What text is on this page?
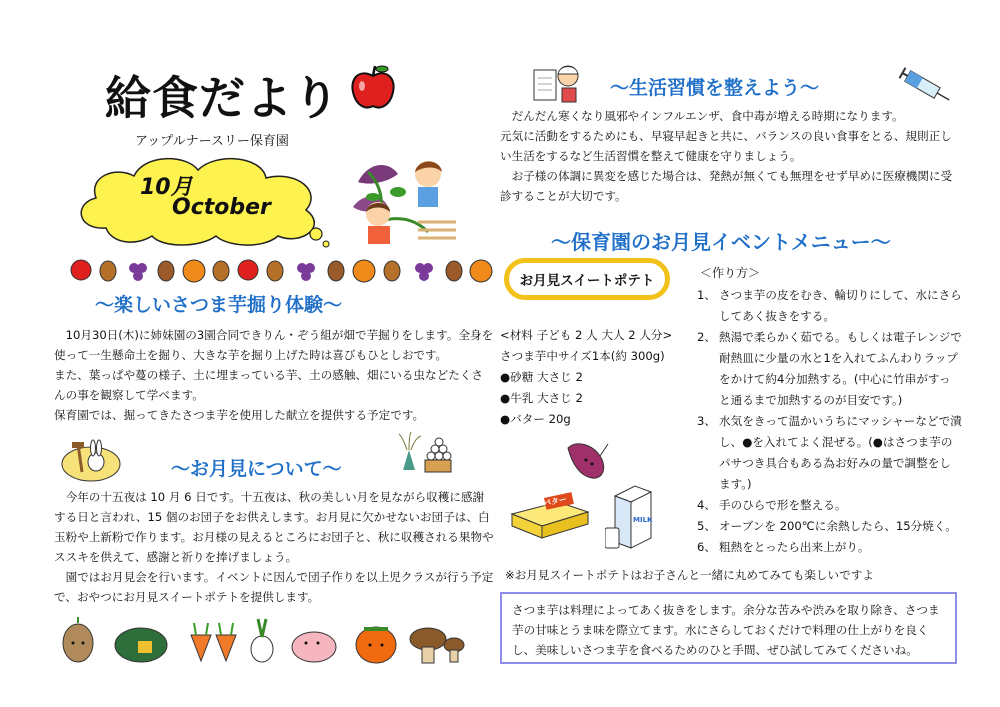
給食だより
アップルナースリー保育園
10月
October
～楽しいさつま芋掘り体験～

10月30日(木)に姉妹園の3園合同できりん・ぞう組が畑で芋掘りをします。全身を使って一生懸命土を掘り、大きな芋を掘り上げた時は喜びもひとしおです。

また、葉っぱや蔓の様子、土に埋まっている芋、土の感触、畑にいる虫などたくさんの事を観察して学べます。

保育園では、掘ってきたさつま芋を使用した献立を提供する予定です。

～お月見について～

今年の十五夜は 10 月 6 日です。十五夜は、秋の美しい月を見ながら収穫に感謝する日と言われ、15 個のお団子をお供えします。お月見に欠かせないお団子は、白玉粉や上新粉で作ります。お月様の見えるところにお団子と、秋に収穫される果物やススキを供えて、感謝と祈りを捧げましょう。

園ではお月見会を行います。イベントに因んで団子作りを以上児クラスが行う予定で、おやつにお月見スイートポテトを提供します。

～生活習慣を整えよう～

だんだん寒くなり風邪やインフルエンザ、食中毒が増える時期になります。

元気に活動をするためにも、早寝早起きと共に、バランスの良い食事をとる、規則正しい生活をするなど生活習慣を整えて健康を守りましょう。

お子様の体調に異変を感じた場合は、発熱が無くても無理をせず早めに医療機関に受診することが大切です。

～保育園のお月見イベントメニュー～
お月見スイートポテト

<材料 子ども 2 人 大人 2 人分>

さつま芋中サイズ1本(約 300g)

●砂糖 大さじ 2

●牛乳 大さじ 2

●バター 20g

バター
MILK
＜作り方＞
1、 さつま芋の皮をむき、輪切りにして、水にさらしてあく抜きをする。
2、 熱湯で柔らかく茹でる。もしくは電子レンジで耐熱皿に少量の水と1を入れてふんわりラップをかけて約4分加熱する。(中心に竹串がすっと通るまで加熱するのが目安です。)
3、 水気をきって温かいうちにマッシャーなどで潰し、●を入れてよく混ぜる。(●はさつま芋のパサつき具合もある為お好みの量で調整をします。)
4、 手のひらで形を整える。
5、 オーブンを 200℃に余熱したら、15分焼く。
6、 粗熱をとったら出来上がり。
※お月見スイートポテトはお子さんと一緒に丸めてみても楽しいですよ
さつま芋は料理によってあく抜きをします。余分な苦みや渋みを取り除き、さつま芋の甘味とうま味を際立てます。水にさらしておくだけで料理の仕上がりを良くし、美味しいさつま芋を食べるためのひと手間、ぜひ試してみてくださいね。
